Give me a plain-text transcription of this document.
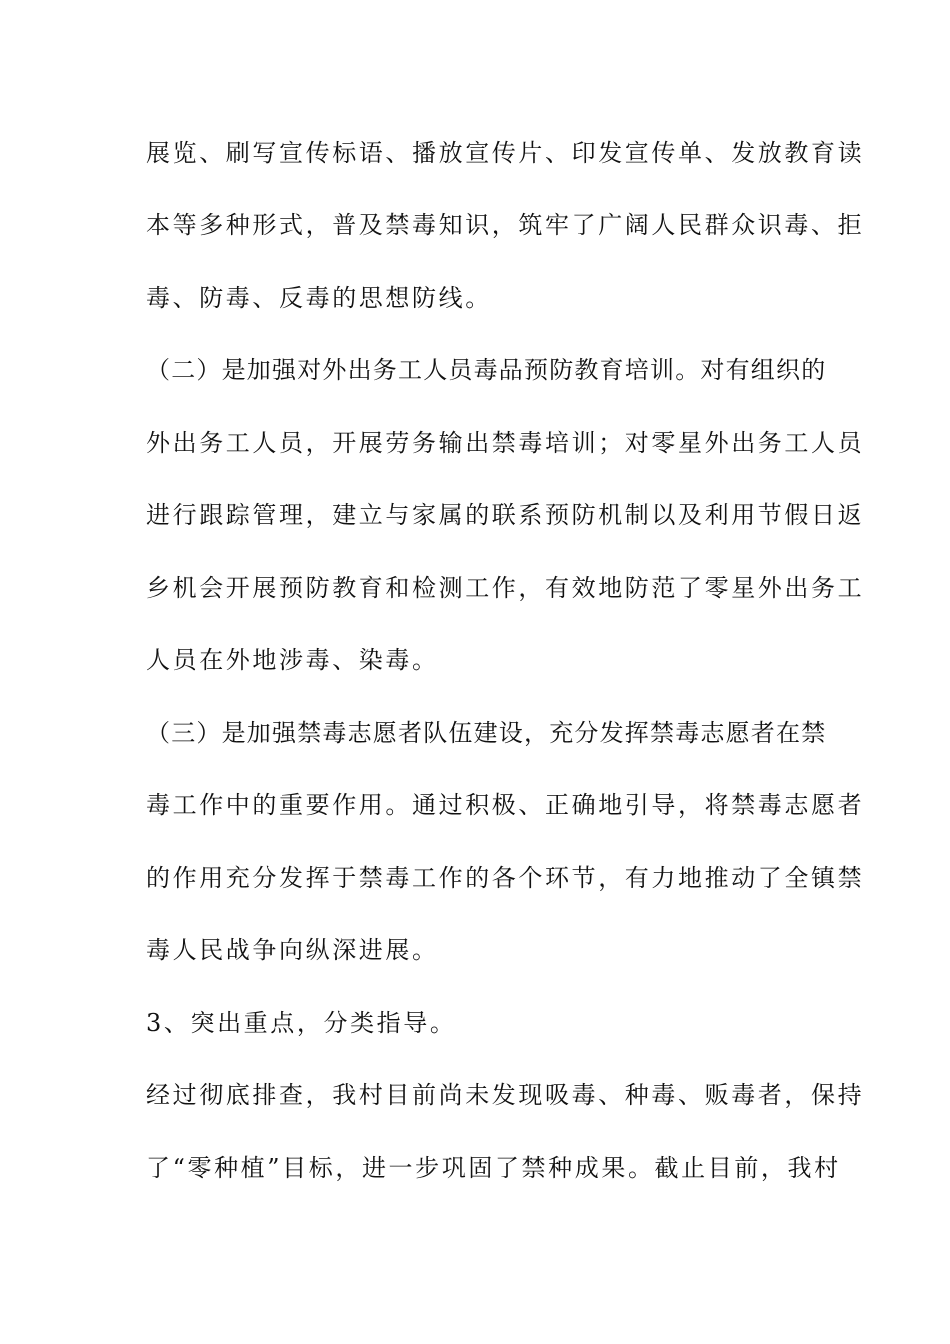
展览、刷写宣传标语、播放宣传片、印发宣传单、发放教育读
本等多种形式，普及禁毒知识，筑牢了广阔人民群众识毒、拒
毒、防毒、反毒的思想防线。
（二）是加强对外出务工人员毒品预防教育培训。对有组织的
外出务工人员，开展劳务输出禁毒培训；对零星外出务工人员
进行跟踪管理，建立与家属的联系预防机制以及利用节假日返
乡机会开展预防教育和检测工作，有效地防范了零星外出务工
人员在外地涉毒、染毒。
（三）是加强禁毒志愿者队伍建设，充分发挥禁毒志愿者在禁
毒工作中的重要作用。通过积极、正确地引导，将禁毒志愿者
的作用充分发挥于禁毒工作的各个环节，有力地推动了全镇禁
毒人民战争向纵深进展。
3、突出重点，分类指导。
经过彻底排查，我村目前尚未发现吸毒、种毒、贩毒者，保持
了“零种植”目标，进一步巩固了禁种成果。截止目前，我村
